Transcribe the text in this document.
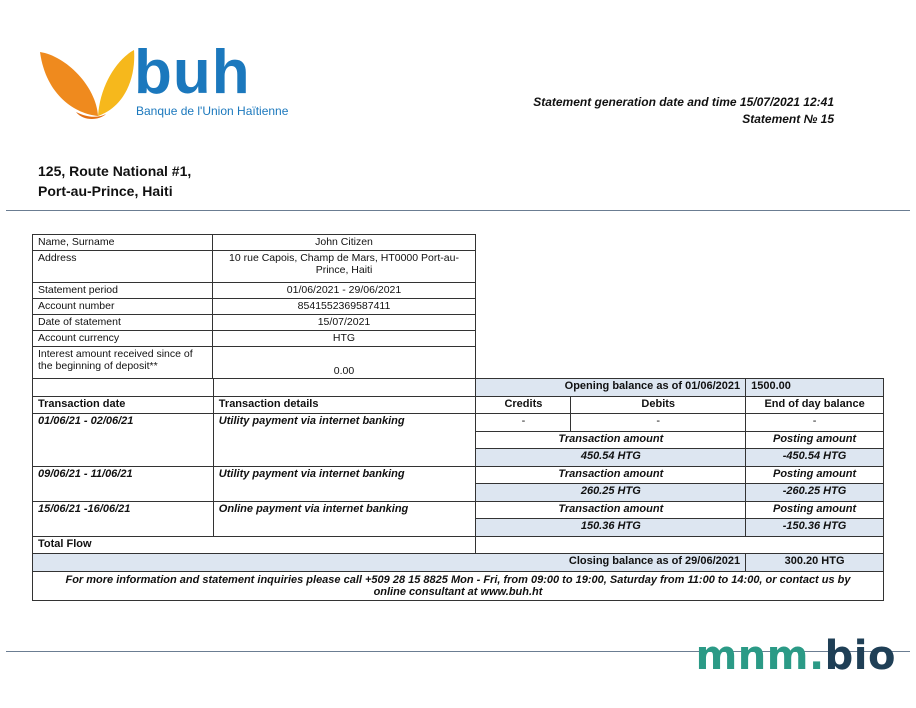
buh
Banque de l'Union Haïtienne
Statement generation date and time 15/07/2021 12:41
Statement № 15
125, Route National #1,
Port-au-Prince, Haiti
Name, Surname	John Citizen
Address	10 rue Capois, Champ de Mars, HT0000 Port-au-Prince, Haiti
Statement period	01/06/2021 - 29/06/2021
Account number	8541552369587411
Date of statement	15/07/2021
Account currency	HTG
Interest amount received since of the beginning of deposit**	0.00
		Opening balance as of 01/06/2021		1500.00
Transaction date	Transaction details	Credits	Debits	End of day balance
01/06/21 - 02/06/21	Utility payment via internet banking	-	-	-
		Transaction amount		Posting amount
		450.54 HTG		-450.54 HTG
09/06/21 - 11/06/21	Utility payment via internet banking	Transaction amount		Posting amount
		260.25 HTG		-260.25 HTG
15/06/21 -16/06/21	Online payment via internet banking	Transaction amount		Posting amount
		150.36 HTG		-150.36 HTG
Total Flow				
Closing balance as of 29/06/2021				300.20 HTG
For more information and statement inquiries please call +509 28 15 8825 Mon - Fri, from 09:00 to 19:00, Saturday from 11:00 to 14:00, or contact us by online consultant at www.buh.ht				
mnm.bio
